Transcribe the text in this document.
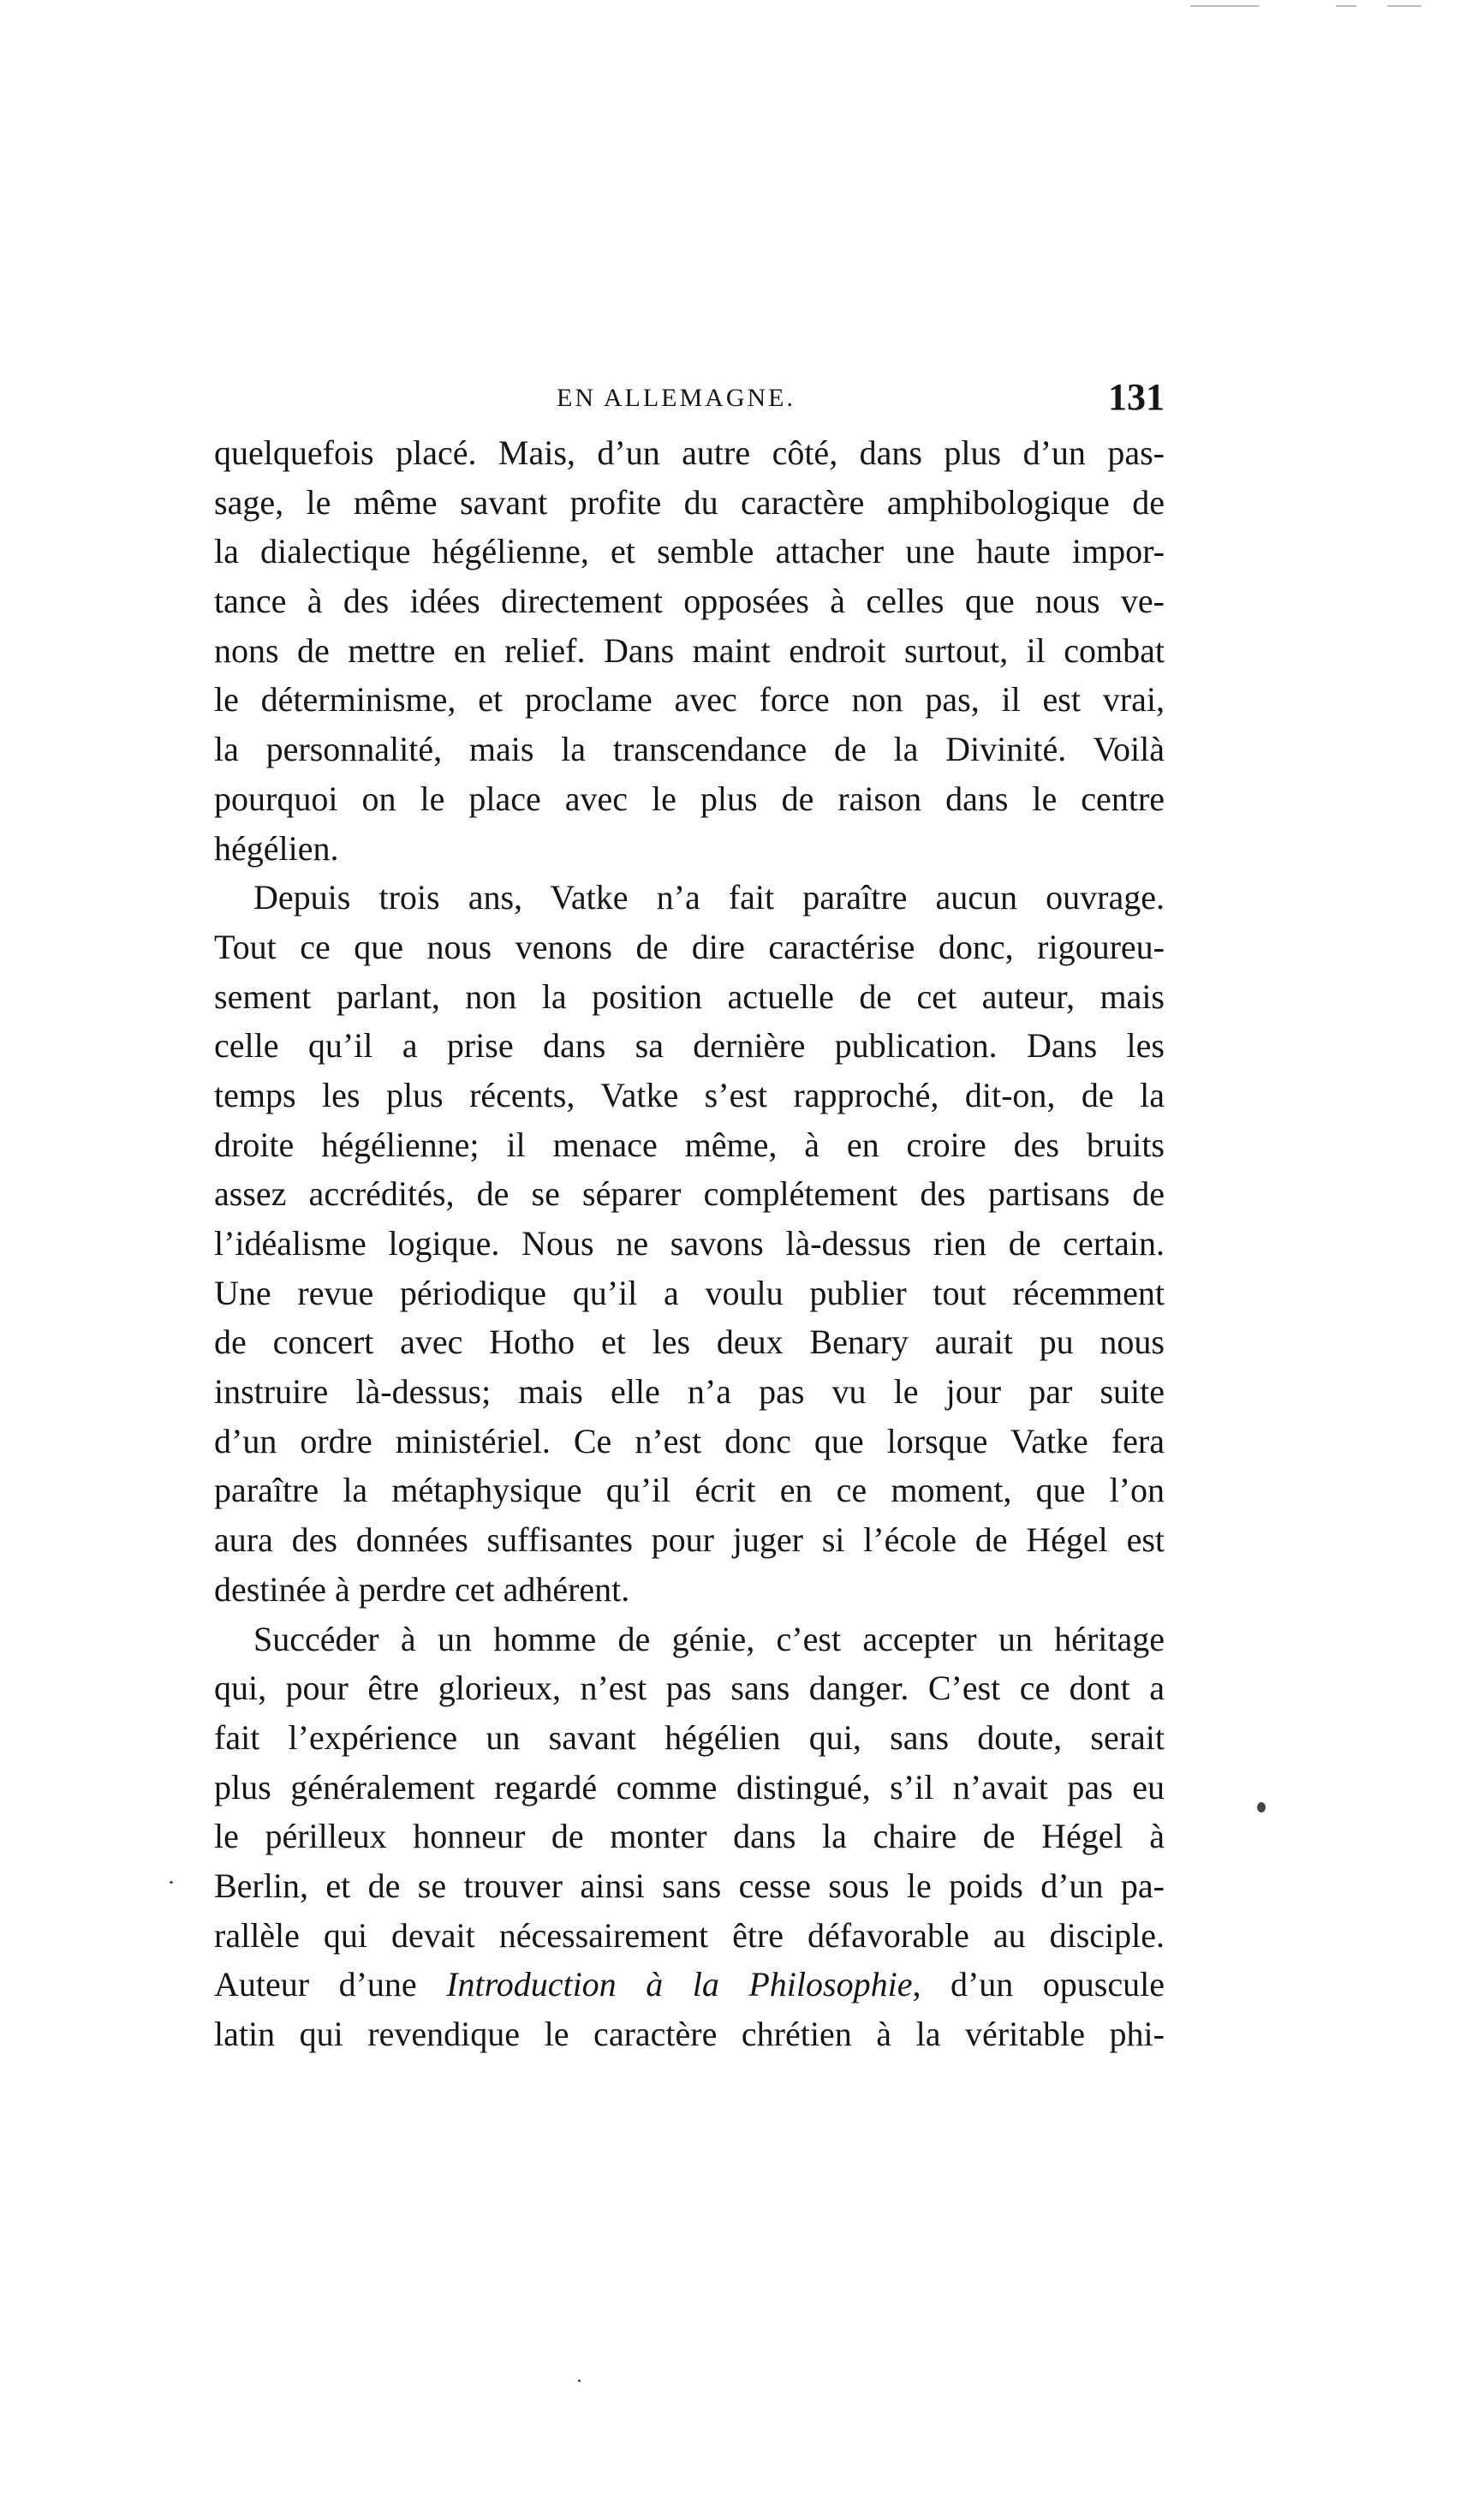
EN ALLEMAGNE.	131
quelquefois placé. Mais, d’un autre côté, dans plus d’un pas-
sage, le même savant profite du caractère amphibologique de
la dialectique hégélienne, et semble attacher une haute impor-
tance à des idées directement opposées à celles que nous ve-
nons de mettre en relief. Dans maint endroit surtout, il combat
le déterminisme, et proclame avec force non pas, il est vrai,
la personnalité, mais la transcendance de la Divinité. Voilà
pourquoi on le place avec le plus de raison dans le centre
hégélien.
Depuis trois ans, Vatke n’a fait paraître aucun ouvrage.
Tout ce que nous venons de dire caractérise donc, rigoureu-
sement parlant, non la position actuelle de cet auteur, mais
celle qu’il a prise dans sa dernière publication. Dans les
temps les plus récents, Vatke s’est rapproché, dit-on, de la
droite hégélienne; il menace même, à en croire des bruits
assez accrédités, de se séparer complétement des partisans de
l’idéalisme logique. Nous ne savons là-dessus rien de certain.
Une revue périodique qu’il a voulu publier tout récemment
de concert avec Hotho et les deux Benary aurait pu nous
instruire là-dessus; mais elle n’a pas vu le jour par suite
d’un ordre ministériel. Ce n’est donc que lorsque Vatke fera
paraître la métaphysique qu’il écrit en ce moment, que l’on
aura des données suffisantes pour juger si l’école de Hégel est
destinée à perdre cet adhérent.
Succéder à un homme de génie, c’est accepter un héritage
qui, pour être glorieux, n’est pas sans danger. C’est ce dont a
fait l’expérience un savant hégélien qui, sans doute, serait
plus généralement regardé comme distingué, s’il n’avait pas eu
le périlleux honneur de monter dans la chaire de Hégel à
Berlin, et de se trouver ainsi sans cesse sous le poids d’un pa-
rallèle qui devait nécessairement être défavorable au disciple.
Auteur d’une Introduction à la Philosophie, d’un opuscule
latin qui revendique le caractère chrétien à la véritable phi-
